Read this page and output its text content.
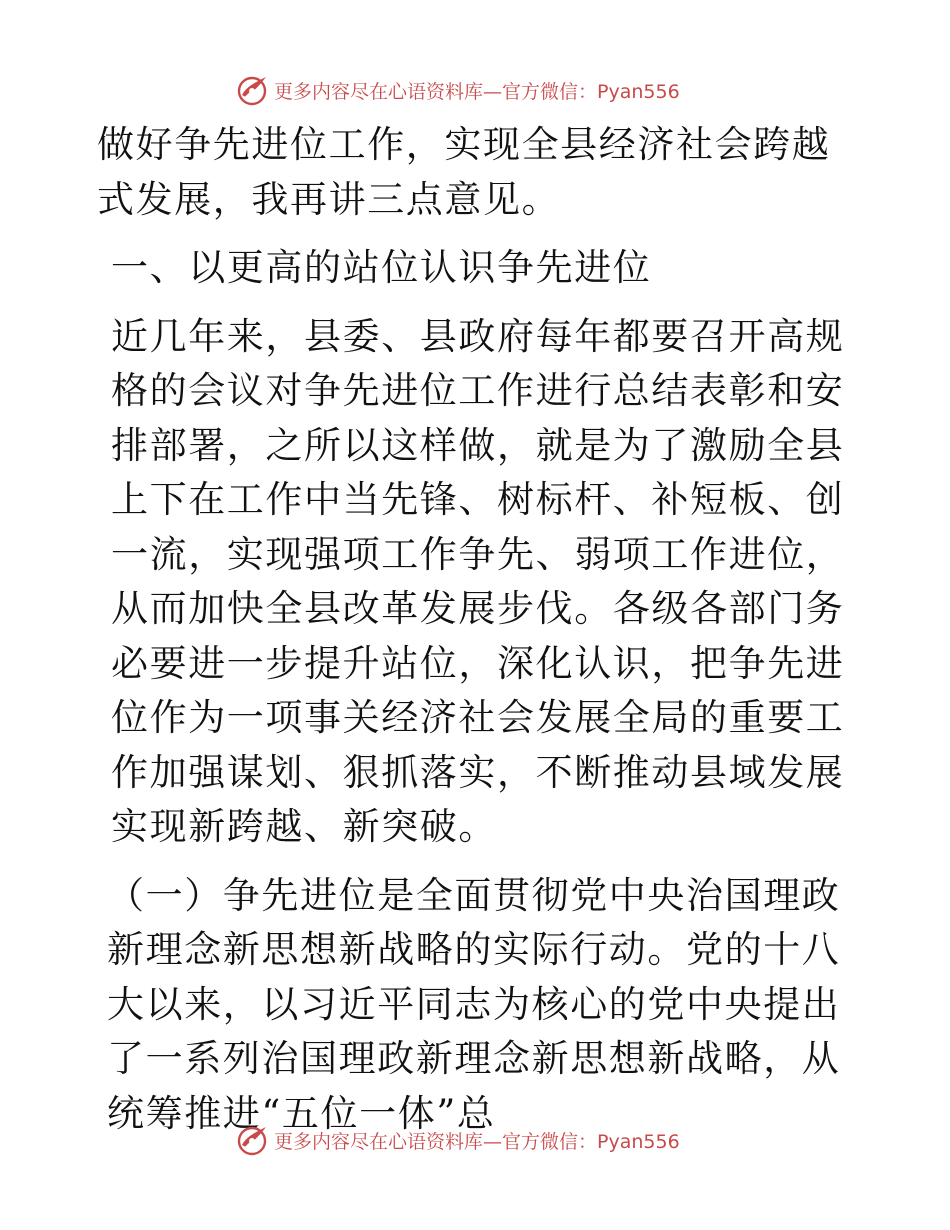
更多内容尽在心语资料库—官方微信：Pyan556

做好争先进位工作，实现全县经济社会跨越式发展，我再讲三点意见。

一、以更高的站位认识争先进位

近几年来，县委、县政府每年都要召开高规格的会议对争先进位工作进行总结表彰和安排部署，之所以这样做，就是为了激励全县上下在工作中当先锋、树标杆、补短板、创一流，实现强项工作争先、弱项工作进位，从而加快全县改革发展步伐。各级各部门务必要进一步提升站位，深化认识，把争先进位作为一项事关经济社会发展全局的重要工作加强谋划、狠抓落实，不断推动县域发展实现新跨越、新突破。

（一）争先进位是全面贯彻党中央治国理政新理念新思想新战略的实际行动。党的十八大以来，以习近平同志为核心的党中央提出了一系列治国理政新理念新思想新战略，从统筹推进“五位一体”总

更多内容尽在心语资料库—官方微信：Pyan556
